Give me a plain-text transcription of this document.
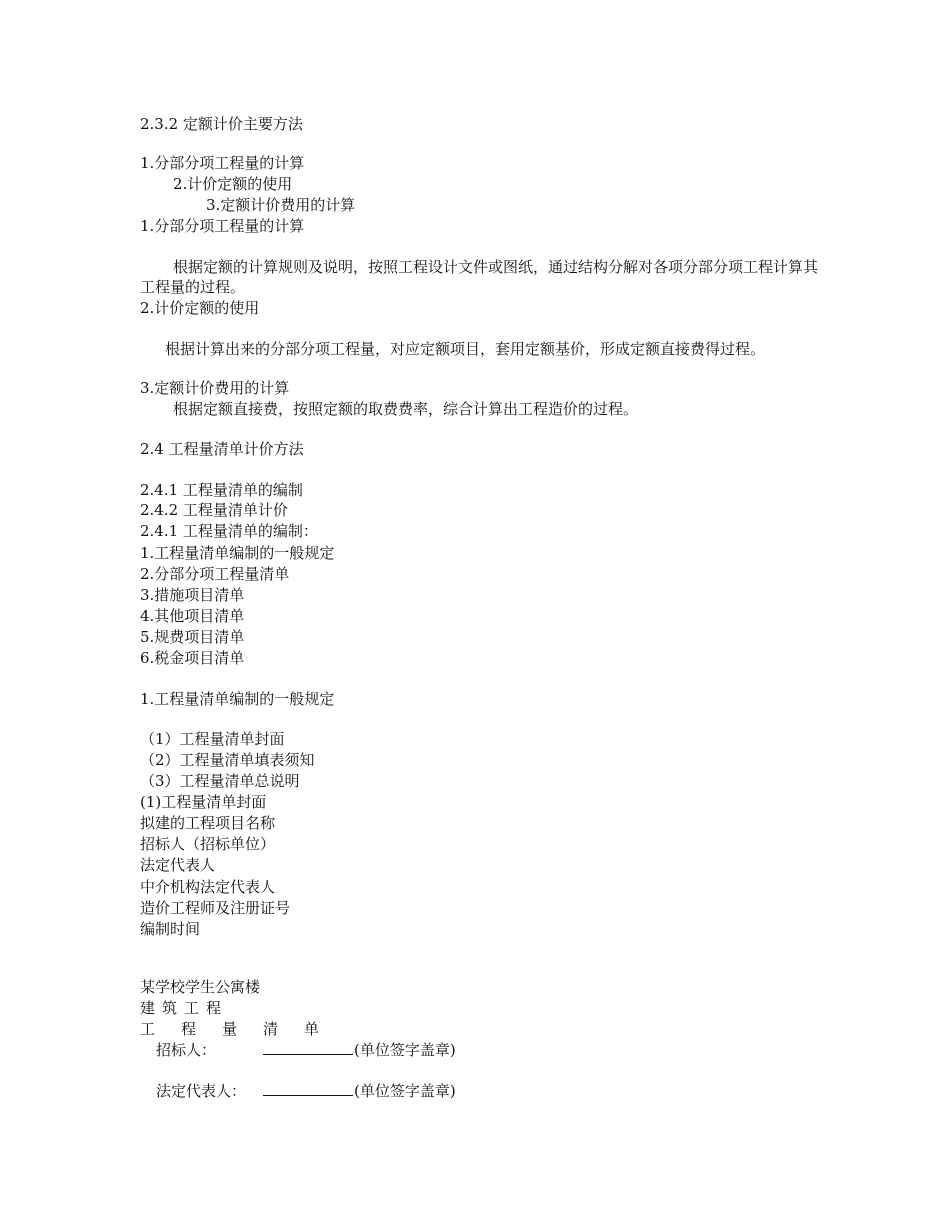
2.3.2 定额计价主要方法
1.分部分项工程量的计算
2.计价定额的使用
3.定额计价费用的计算
1.分部分项工程量的计算
根据定额的计算规则及说明，按照工程设计文件或图纸，通过结构分解对各项分部分项工程计算其工程量的过程。
2.计价定额的使用
根据计算出来的分部分项工程量，对应定额项目，套用定额基价，形成定额直接费得过程。
3.定额计价费用的计算
根据定额直接费，按照定额的取费费率，综合计算出工程造价的过程。
2.4 工程量清单计价方法
2.4.1 工程量清单的编制
2.4.2 工程量清单计价
2.4.1 工程量清单的编制：
1.工程量清单编制的一般规定
2.分部分项工程量清单
3.措施项目清单
4.其他项目清单
5.规费项目清单
6.税金项目清单
1.工程量清单编制的一般规定
（1）工程量清单封面
（2）工程量清单填表须知
（3）工程量清单总说明
(1)工程量清单封面
拟建的工程项目名称
招标人（招标单位）
法定代表人
中介机构法定代表人
造价工程师及注册证号
编制时间
某学校学生公寓楼
建 筑 工 程
工 程 量 清 单
招标人：	(单位签字盖章)
法定代表人：	(单位签字盖章)
